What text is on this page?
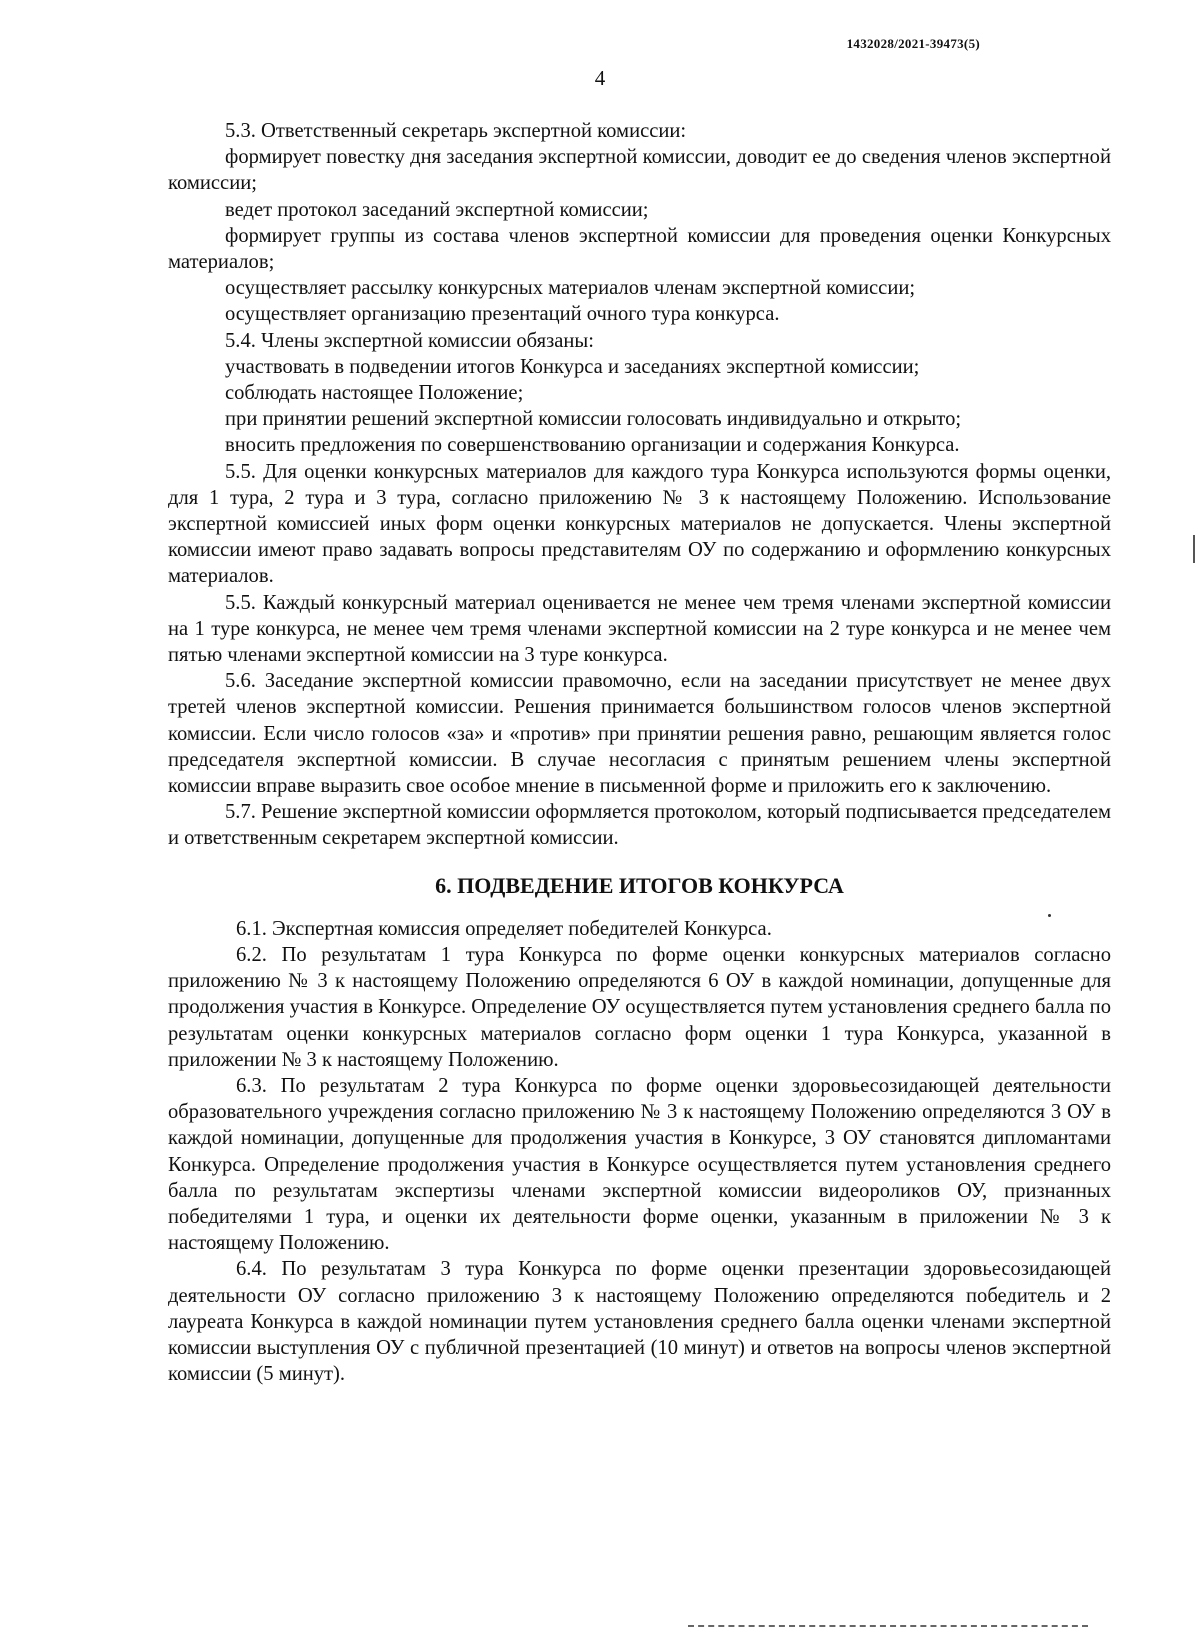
1432028/2021-39473(5)
4

5.3. Ответственный секретарь экспертной комиссии:

формирует повестку дня заседания экспертной комиссии, доводит ее до сведения членов экспертной комиссии;

ведет протокол заседаний экспертной комиссии;

формирует группы из состава членов экспертной комиссии для проведения оценки Конкурсных материалов;

осуществляет рассылку конкурсных материалов членам экспертной комиссии;

осуществляет организацию презентаций очного тура конкурса.

5.4. Члены экспертной комиссии обязаны:

участвовать в подведении итогов Конкурса и заседаниях экспертной комиссии;

соблюдать настоящее Положение;

при принятии решений экспертной комиссии голосовать индивидуально и открыто;

вносить предложения по совершенствованию организации и содержания Конкурса.

5.5. Для оценки конкурсных материалов для каждого тура Конкурса используются формы оценки, для 1 тура, 2 тура и 3 тура, согласно приложению № 3 к настоящему Положению. Использование экспертной комиссией иных форм оценки конкурсных материалов не допускается. Члены экспертной комиссии имеют право задавать вопросы представителям ОУ по содержанию и оформлению конкурсных материалов.

5.5. Каждый конкурсный материал оценивается не менее чем тремя членами экспертной комиссии на 1 туре конкурса, не менее чем тремя членами экспертной комиссии на 2 туре конкурса и не менее чем пятью членами экспертной комиссии на 3 туре конкурса.

5.6. Заседание экспертной комиссии правомочно, если на заседании присутствует не менее двух третей членов экспертной комиссии. Решения принимается большинством голосов членов экспертной комиссии. Если число голосов «за» и «против» при принятии решения равно, решающим является голос председателя экспертной комиссии. В случае несогласия с принятым решением члены экспертной комиссии вправе выразить свое особое мнение в письменной форме и приложить его к заключению.

5.7. Решение экспертной комиссии оформляется протоколом, который подписывается председателем и ответственным секретарем экспертной комиссии.

6. ПОДВЕДЕНИЕ ИТОГОВ КОНКУРСА

6.1. Экспертная комиссия определяет победителей Конкурса.

6.2. По результатам 1 тура Конкурса по форме оценки конкурсных материалов согласно приложению № 3 к настоящему Положению определяются 6 ОУ в каждой номинации, допущенные для продолжения участия в Конкурсе. Определение ОУ осуществляется путем установления среднего балла по результатам оценки конкурсных материалов согласно форм оценки 1 тура Конкурса, указанной в приложении № 3 к настоящему Положению.

6.3. По результатам 2 тура Конкурса по форме оценки здоровьесозидающей деятельности образовательного учреждения согласно приложению № 3 к настоящему Положению определяются 3 ОУ в каждой номинации, допущенные для продолжения участия в Конкурсе, 3 ОУ становятся дипломантами Конкурса. Определение продолжения участия в Конкурсе осуществляется путем установления среднего балла по результатам экспертизы членами экспертной комиссии видеороликов ОУ, признанных победителями 1 тура, и оценки их деятельности форме оценки, указанным в приложении № 3 к настоящему Положению.

6.4. По результатам 3 тура Конкурса по форме оценки презентации здоровьесозидающей деятельности ОУ согласно приложению 3 к настоящему Положению определяются победитель и 2 лауреата Конкурса в каждой номинации путем установления среднего балла оценки членами экспертной комиссии выступления ОУ с публичной презентацией (10 минут) и ответов на вопросы членов экспертной комиссии (5 минут).
